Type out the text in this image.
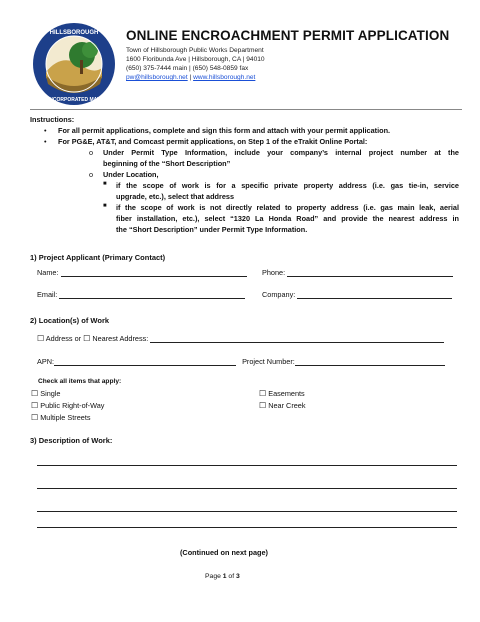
HILLSBOROUGH
INCORPORATED MAY
ONLINE ENCROACHMENT PERMIT APPLICATION
Town of Hillsborough Public Works Department
1600 Floribunda Ave | Hillsborough, CA | 94010
(650) 375-7444 main | (650) 548-0859 fax
pw@hillsborough.net | www.hillsborough.net
Instructions:
• For all permit applications, complete and sign this form and attach with your permit application.
• For PG&E, AT&T, and Comcast permit applications, on Step 1 of the eTrakit Online Portal:
o Under Permit Type Information, include your company’s internal project number at the
beginning of the “Short Description”
o Under Location,
■ if the scope of work is for a specific private property address (i.e. gas tie-in, service
upgrade, etc.), select that address
■ if the scope of work is not directly related to property address (i.e. gas main leak, aerial
fiber installation, etc.), select “1320 La Honda Road” and provide the nearest address in
the “Short Description” under Permit Type Information.
1) Project Applicant (Primary Contact)
Name:	Phone:
Email:	Company:
2) Location(s) of Work
☐ Address or ☐ Nearest Address:
APN:	Project Number:
Check all items that apply:
☐ Single	☐ Easements
☐ Public Right-of-Way	☐ Near Creek
☐ Multiple Streets
3) Description of Work:
(Continued on next page)
Page 1 of 3
